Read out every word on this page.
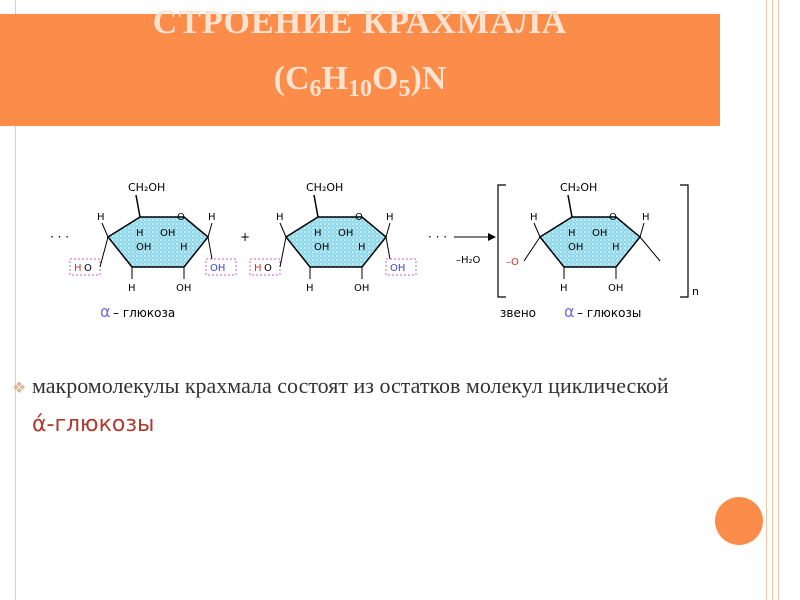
СТРОЕНИЕ КРАХМАЛА
$(C_6H_{10}O_5)N$
CH₂OH
H	O H
H
OH
OH
H
H	OH
H O	OH
· · ·	+
CH₂OH
H	O H
H
OH
OH
H
H	OH
H O	OH
· · ·
–H₂O
n
–O
CH₂OH
H	O	H
H
OH
OH
H
H	OH
α – глюкоза	звено α – глюкозы
❖ макромолекулы крахмала состоят из остатков молекул циклической ά-глюкозы
